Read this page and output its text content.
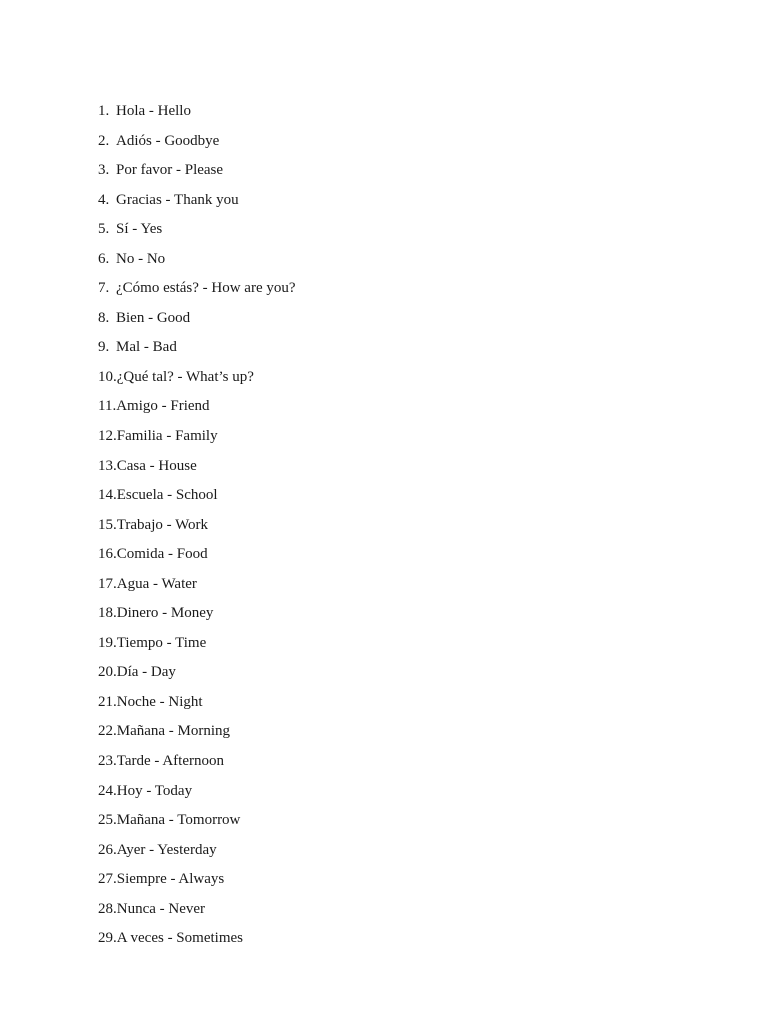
1. Hola - Hello
2. Adiós - Goodbye
3. Por favor - Please
4. Gracias - Thank you
5. Sí - Yes
6. No - No
7. ¿Cómo estás? - How are you?
8. Bien - Good
9. Mal - Bad
10. ¿Qué tal? - What’s up?
11. Amigo - Friend
12. Familia - Family
13. Casa - House
14. Escuela - School
15. Trabajo - Work
16. Comida - Food
17. Agua - Water
18. Dinero - Money
19. Tiempo - Time
20. Día - Day
21. Noche - Night
22. Mañana - Morning
23. Tarde - Afternoon
24. Hoy - Today
25. Mañana - Tomorrow
26. Ayer - Yesterday
27. Siempre - Always
28. Nunca - Never
29. A veces - Sometimes
